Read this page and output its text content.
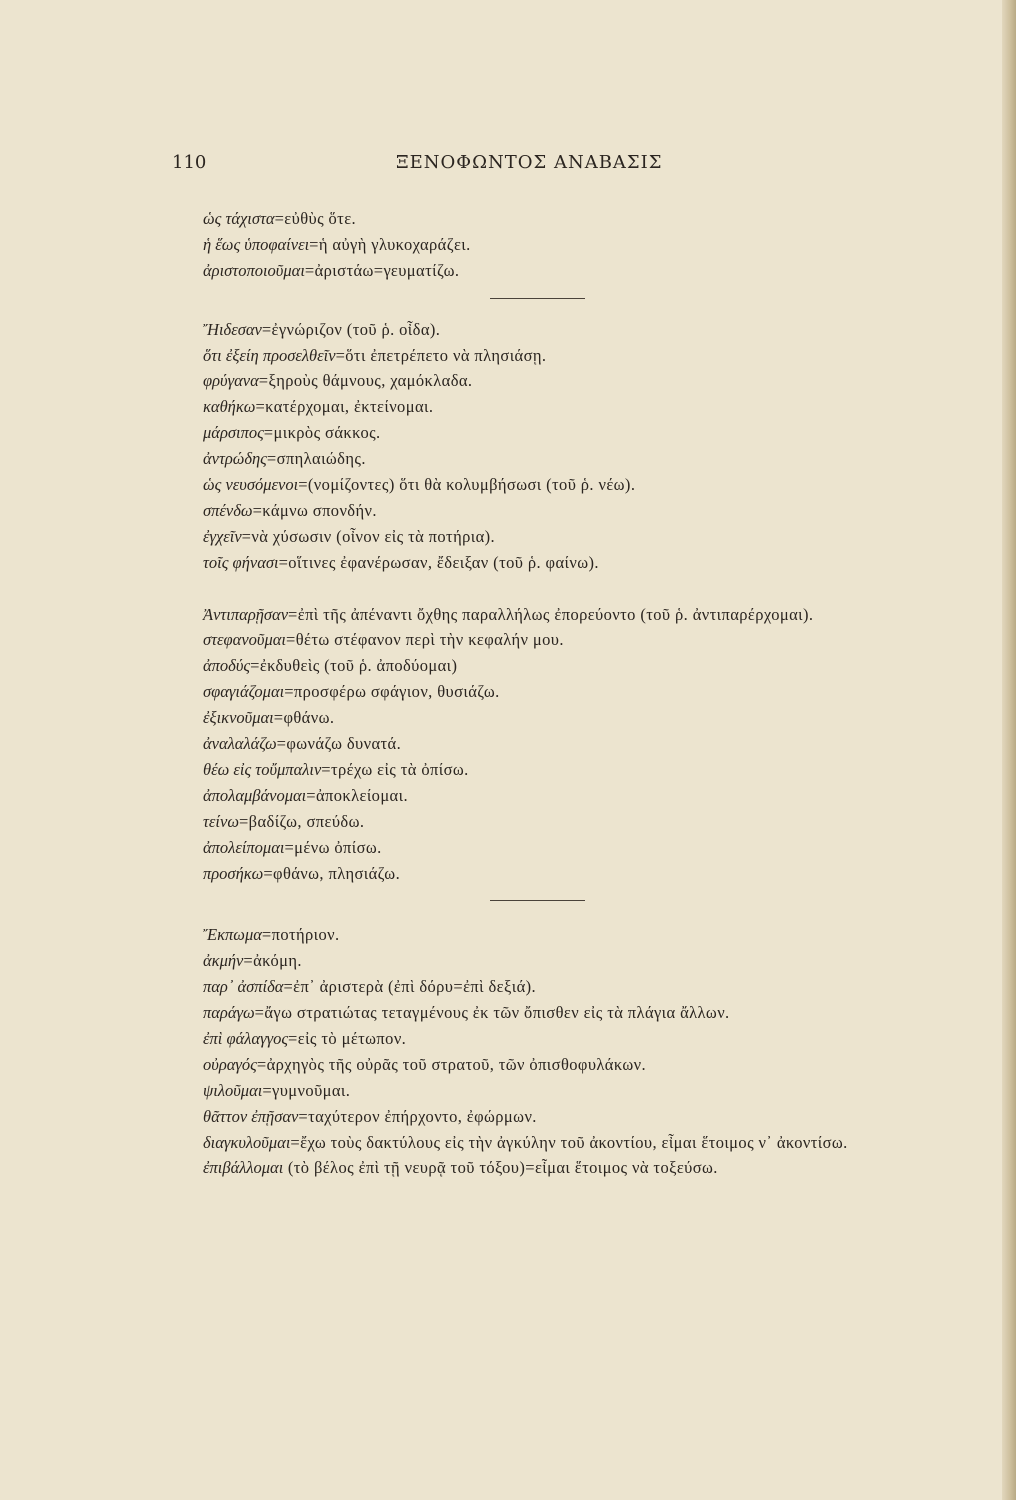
110	ΞΕΝΟΦΩΝΤΟΣ ΑΝΑΒΑΣΙΣ
ὡς τάχιστα=εὐθὺς ὅτε.
ἡ ἕως ὑποφαίνει=ἡ αὐγὴ γλυκοχαράζει.
ἀριστοποιοῦμαι=ἀριστάω=γευματίζω.
Ἤιδεσαν=ἐγνώριζον (τοῦ ῥ. οἶδα).
ὅτι ἐξείη προσελθεῖν=ὅτι ἐπετρέπετο νὰ πλησιάσῃ.
φρύγανα=ξηροὺς θάμνους, χαμόκλαδα.
καθήκω=κατέρχομαι, ἐκτείνομαι.
μάρσιπος=μικρὸς σάκκος.
ἀντρώδης=σπηλαιώδης.
ὡς νευσόμενοι=(νομίζοντες) ὅτι θὰ κολυμβήσωσι (τοῦ ῥ. νέω).
σπένδω=κάμνω σπονδήν.
ἐγχεῖν=νὰ χύσωσιν (οἶνον εἰς τὰ ποτήρια).
τοῖς φήνασι=οἵτινες ἐφανέρωσαν, ἔδειξαν (τοῦ ῥ. φαίνω).
Ἀντιπαρῇσαν=ἐπὶ τῆς ἀπέναντι ὄχθης παραλλήλως ἐπορεύοντο (τοῦ ῥ. ἀντιπαρέρχομαι).
στεφανοῦμαι=θέτω στέφανον περὶ τὴν κεφαλήν μου.
ἀποδύς=ἐκδυθεὶς (τοῦ ῥ. ἀποδύομαι)
σφαγιάζομαι=προσφέρω σφάγιον, θυσιάζω.
ἐξικνοῦμαι=φθάνω.
ἀναλαλάζω=φωνάζω δυνατά.
θέω εἰς τοὔμπαλιν=τρέχω εἰς τὰ ὀπίσω.
ἀπολαμβάνομαι=ἀποκλείομαι.
τείνω=βαδίζω, σπεύδω.
ἀπολείπομαι=μένω ὀπίσω.
προσήκω=φθάνω, πλησιάζω.
Ἔκπωμα=ποτήριον.
ἀκμήν=ἀκόμη.
παρ᾽ ἀσπίδα=ἐπ᾽ ἀριστερὰ (ἐπὶ δόρυ=ἐπὶ δεξιά).
παράγω=ἄγω στρατιώτας τεταγμένους ἐκ τῶν ὄπισθεν εἰς τὰ πλάγια ἄλλων.
ἐπὶ φάλαγγος=εἰς τὸ μέτωπον.
οὐραγός=ἀρχηγὸς τῆς οὐρᾶς τοῦ στρατοῦ, τῶν ὀπισθοφυλάκων.
ψιλοῦμαι=γυμνοῦμαι.
θᾶττον ἐπῇσαν=ταχύτερον ἐπήρχοντο, ἐφώρμων.
διαγκυλοῦμαι=ἔχω τοὺς δακτύλους εἰς τὴν ἀγκύλην τοῦ ἀκοντίου, εἶμαι ἕτοιμος ν᾽ ἀκοντίσω.
ἐπιβάλλομαι (τὸ βέλος ἐπὶ τῇ νευρᾷ τοῦ τόξου)=εἶμαι ἕτοιμος νὰ τοξεύσω.
